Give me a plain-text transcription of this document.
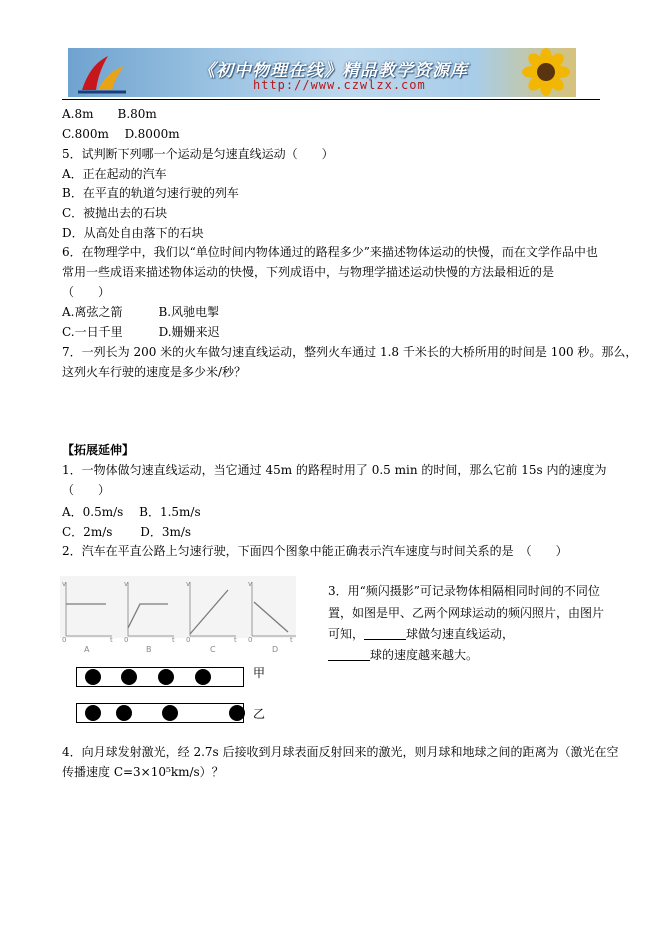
《初中物理在线》精品教学资源库
http://www.czwlzx.com
A.8m　　B.80m
C.800m　 D.8000m
5．试判断下列哪一个运动是匀速直线运动（　　）
A．正在起动的汽车
B．在平直的轨道匀速行驶的列车
C．被抛出去的石块
D．从高处自由落下的石块
6．在物理学中，我们以“单位时间内物体通过的路程多少”来描述物体运动的快慢，而在文学作品中也
常用一些成语来描述物体运动的快慢，下列成语中，与物理学描述运动快慢的方法最相近的是
（　　）
A.离弦之箭　　　B.风驰电掣
C.一日千里　　　D.姗姗来迟
7．一列长为 200 米的火车做匀速直线运动，整列火车通过 1.8 千米长的大桥所用的时间是 100 秒。那么，
这列火车行驶的速度是多少米/秒？
【拓展延伸】
1．一物体做匀速直线运动，当它通过 45m 的路程时用了 0.5 min 的时间，那么它前 15s 内的速度为
（　　）
A．0.5m/s　 B．1.5m/s
C．2m/s　　 D．3m/s
2．汽车在平直公路上匀速行驶，下面四个图象中能正确表示汽车速度与时间关系的是　（　　）
v	v	v	v
0	0	0	0
t	t	t	t
A	B	C	D
3．用“频闪摄影”可记录物体相隔相同时间的不同位
置，如图是甲、乙两个网球运动的频闪照片，由图片
可知，	球做匀速直线运动，
球的速度越来越大。
甲
乙
4．向月球发射激光，经 2.7s 后接收到月球表面反射回来的激光，则月球和地球之间的距离为（激光在空
传播速度 C=3×10⁵km/s）？
